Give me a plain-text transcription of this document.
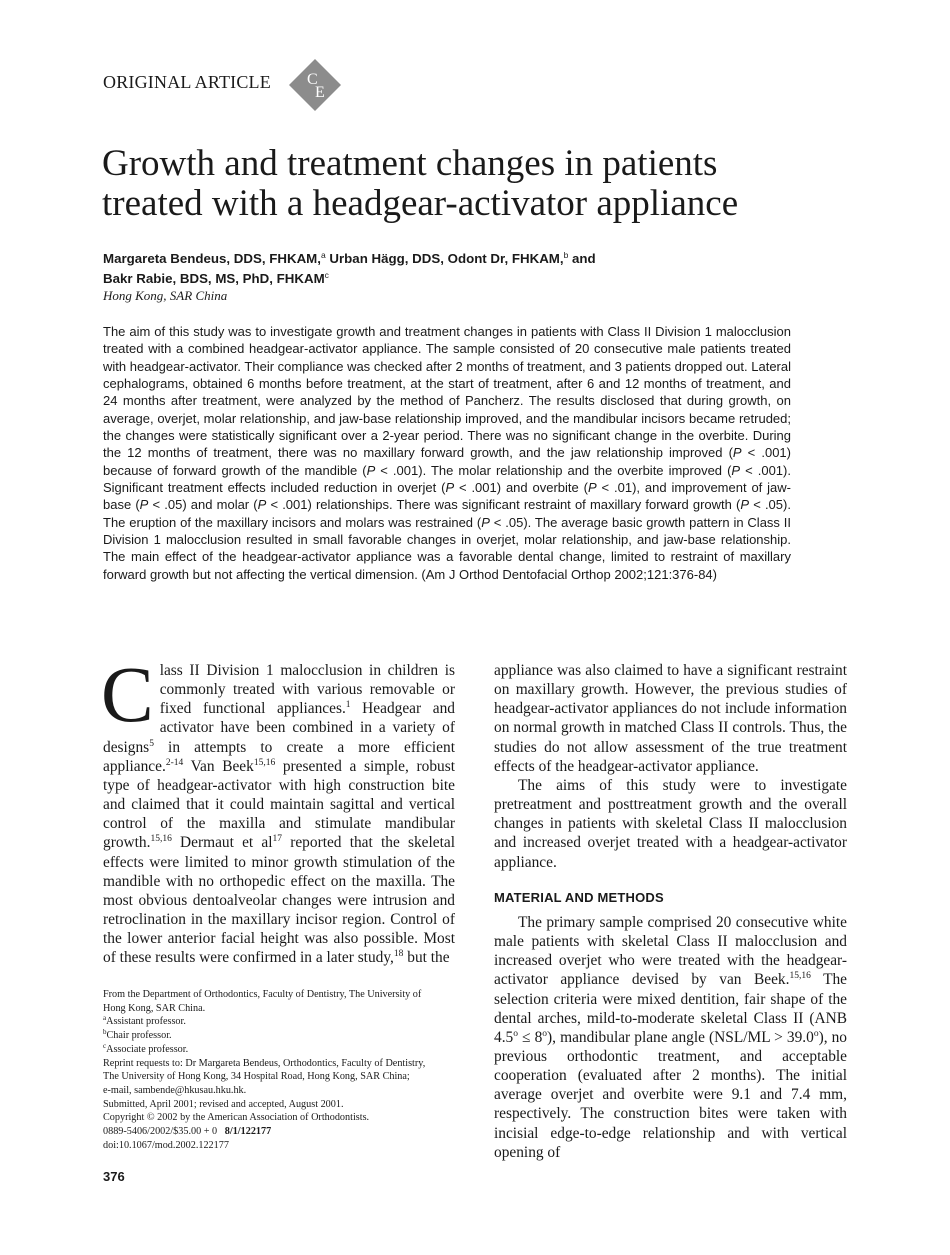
ORIGINAL ARTICLE C
E
Growth and treatment changes in patients
treated with a headgear-activator appliance
Margareta Bendeus, DDS, FHKAM,$^a$ Urban Hägg, DDS, Odont Dr, FHKAM,$^b$ and
Bakr Rabie, BDS, MS, PhD, FHKAM$^c$
Hong Kong, SAR China

The aim of this study was to investigate growth and treatment changes in patients with Class II Division 1 malocclusion treated with a combined headgear-activator appliance. The sample consisted of 20 consecutive male patients treated with headgear-activator. Their compliance was checked after 2 months of treatment, and 3 patients dropped out. Lateral cephalograms, obtained 6 months before treatment, at the start of treatment, after 6 and 12 months of treatment, and 24 months after treatment, were analyzed by the method of Pancherz. The results disclosed that during growth, on average, overjet, molar relationship, and jaw-base relationship improved, and the mandibular incisors became retruded; the changes were statistically significant over a 2-year period. There was no significant change in the overbite. During the 12 months of treatment, there was no maxillary forward growth, and the jaw relationship improved (P < .001) because of forward growth of the mandible (P < .001). The molar relationship and the overbite improved (P < .001). Significant treatment effects included reduction in overjet (P < .001) and overbite (P < .01), and improvement of jaw-base (P < .05) and molar (P < .001) relationships. There was significant restraint of maxillary forward growth (P < .05). The eruption of the maxillary incisors and molars was restrained (P < .05). The average basic growth pattern in Class II Division 1 malocclusion resulted in small favorable changes in overjet, molar relationship, and jaw-base relationship. The main effect of the headgear-activator appliance was a favorable dental change, limited to restraint of maxillary forward growth but not affecting the vertical dimension. (Am J Orthod Dentofacial Orthop 2002;121:376-84)

Class II Division 1 malocclusion in children is commonly treated with various removable or fixed functional appliances.$^1$ Headgear and activator have been combined in a variety of designs$^5$ in attempts to create a more efficient appliance.$^{2-14}$ Van Beek$^{15,16}$ presented a simple, robust type of headgear-activator with high construction bite and claimed that it could maintain sagittal and vertical control of the maxilla and stimulate mandibular growth.$^{15,16}$ Dermaut et $al^{17}$ reported that the skeletal effects were limited to minor growth stimulation of the mandible with no orthopedic effect on the maxilla. The most obvious dentoalveolar changes were intrusion and retroclination in the maxillary incisor region. Control of the lower anterior facial height was also possible. Most of these results were confirmed in a later study,$^{18}$ but the

appliance was also claimed to have a significant restraint on maxillary growth. However, the previous studies of headgear-activator appliances do not include information on normal growth in matched Class II controls. Thus, the studies do not allow assessment of the true treatment effects of the headgear-activator appliance.

The aims of this study were to investigate pretreatment and posttreatment growth and the overall changes in patients with skeletal Class II malocclusion and increased overjet treated with a headgear-activator appliance.

MATERIAL AND METHODS

The primary sample comprised 20 consecutive white male patients with skeletal Class II malocclusion and increased overjet who were treated with the headgear-activator appliance devised by van Beek.$^{15,16}$ The selection criteria were mixed dentition, fair shape of the dental arches, mild-to-moderate skeletal Class II (ANB $4.5^o \le 8^o$), mandibular plane angle $(NSL/ML > 39.0^o)$, no previous orthodontic treatment, and acceptable cooperation (evaluated after 2 months). The initial average overjet and overbite were 9.1 and 7.4 mm, respectively. The construction bites were taken with incisial edge-to-edge relationship and with vertical opening of

From the Department of Orthodontics, Faculty of Dentistry, The University of
Hong Kong, SAR China.
$^a$Assistant professor.
$^b$Chair professor.
$^c$Associate professor.
Reprint requests to: Dr Margareta Bendeus, Orthodontics, Faculty of Dentistry,
The University of Hong Kong, 34 Hospital Road, Hong Kong, SAR China;
e-mail, sambende@hkusau.hku.hk.
Submitted, April 2001; revised and accepted, August 2001.
Copyright © 2002 by the American Association of Orthodontists.
0889-5406/2002/$35.00 + 0 8/1/122177
doi:10.1067/mod.2002.122177
376
